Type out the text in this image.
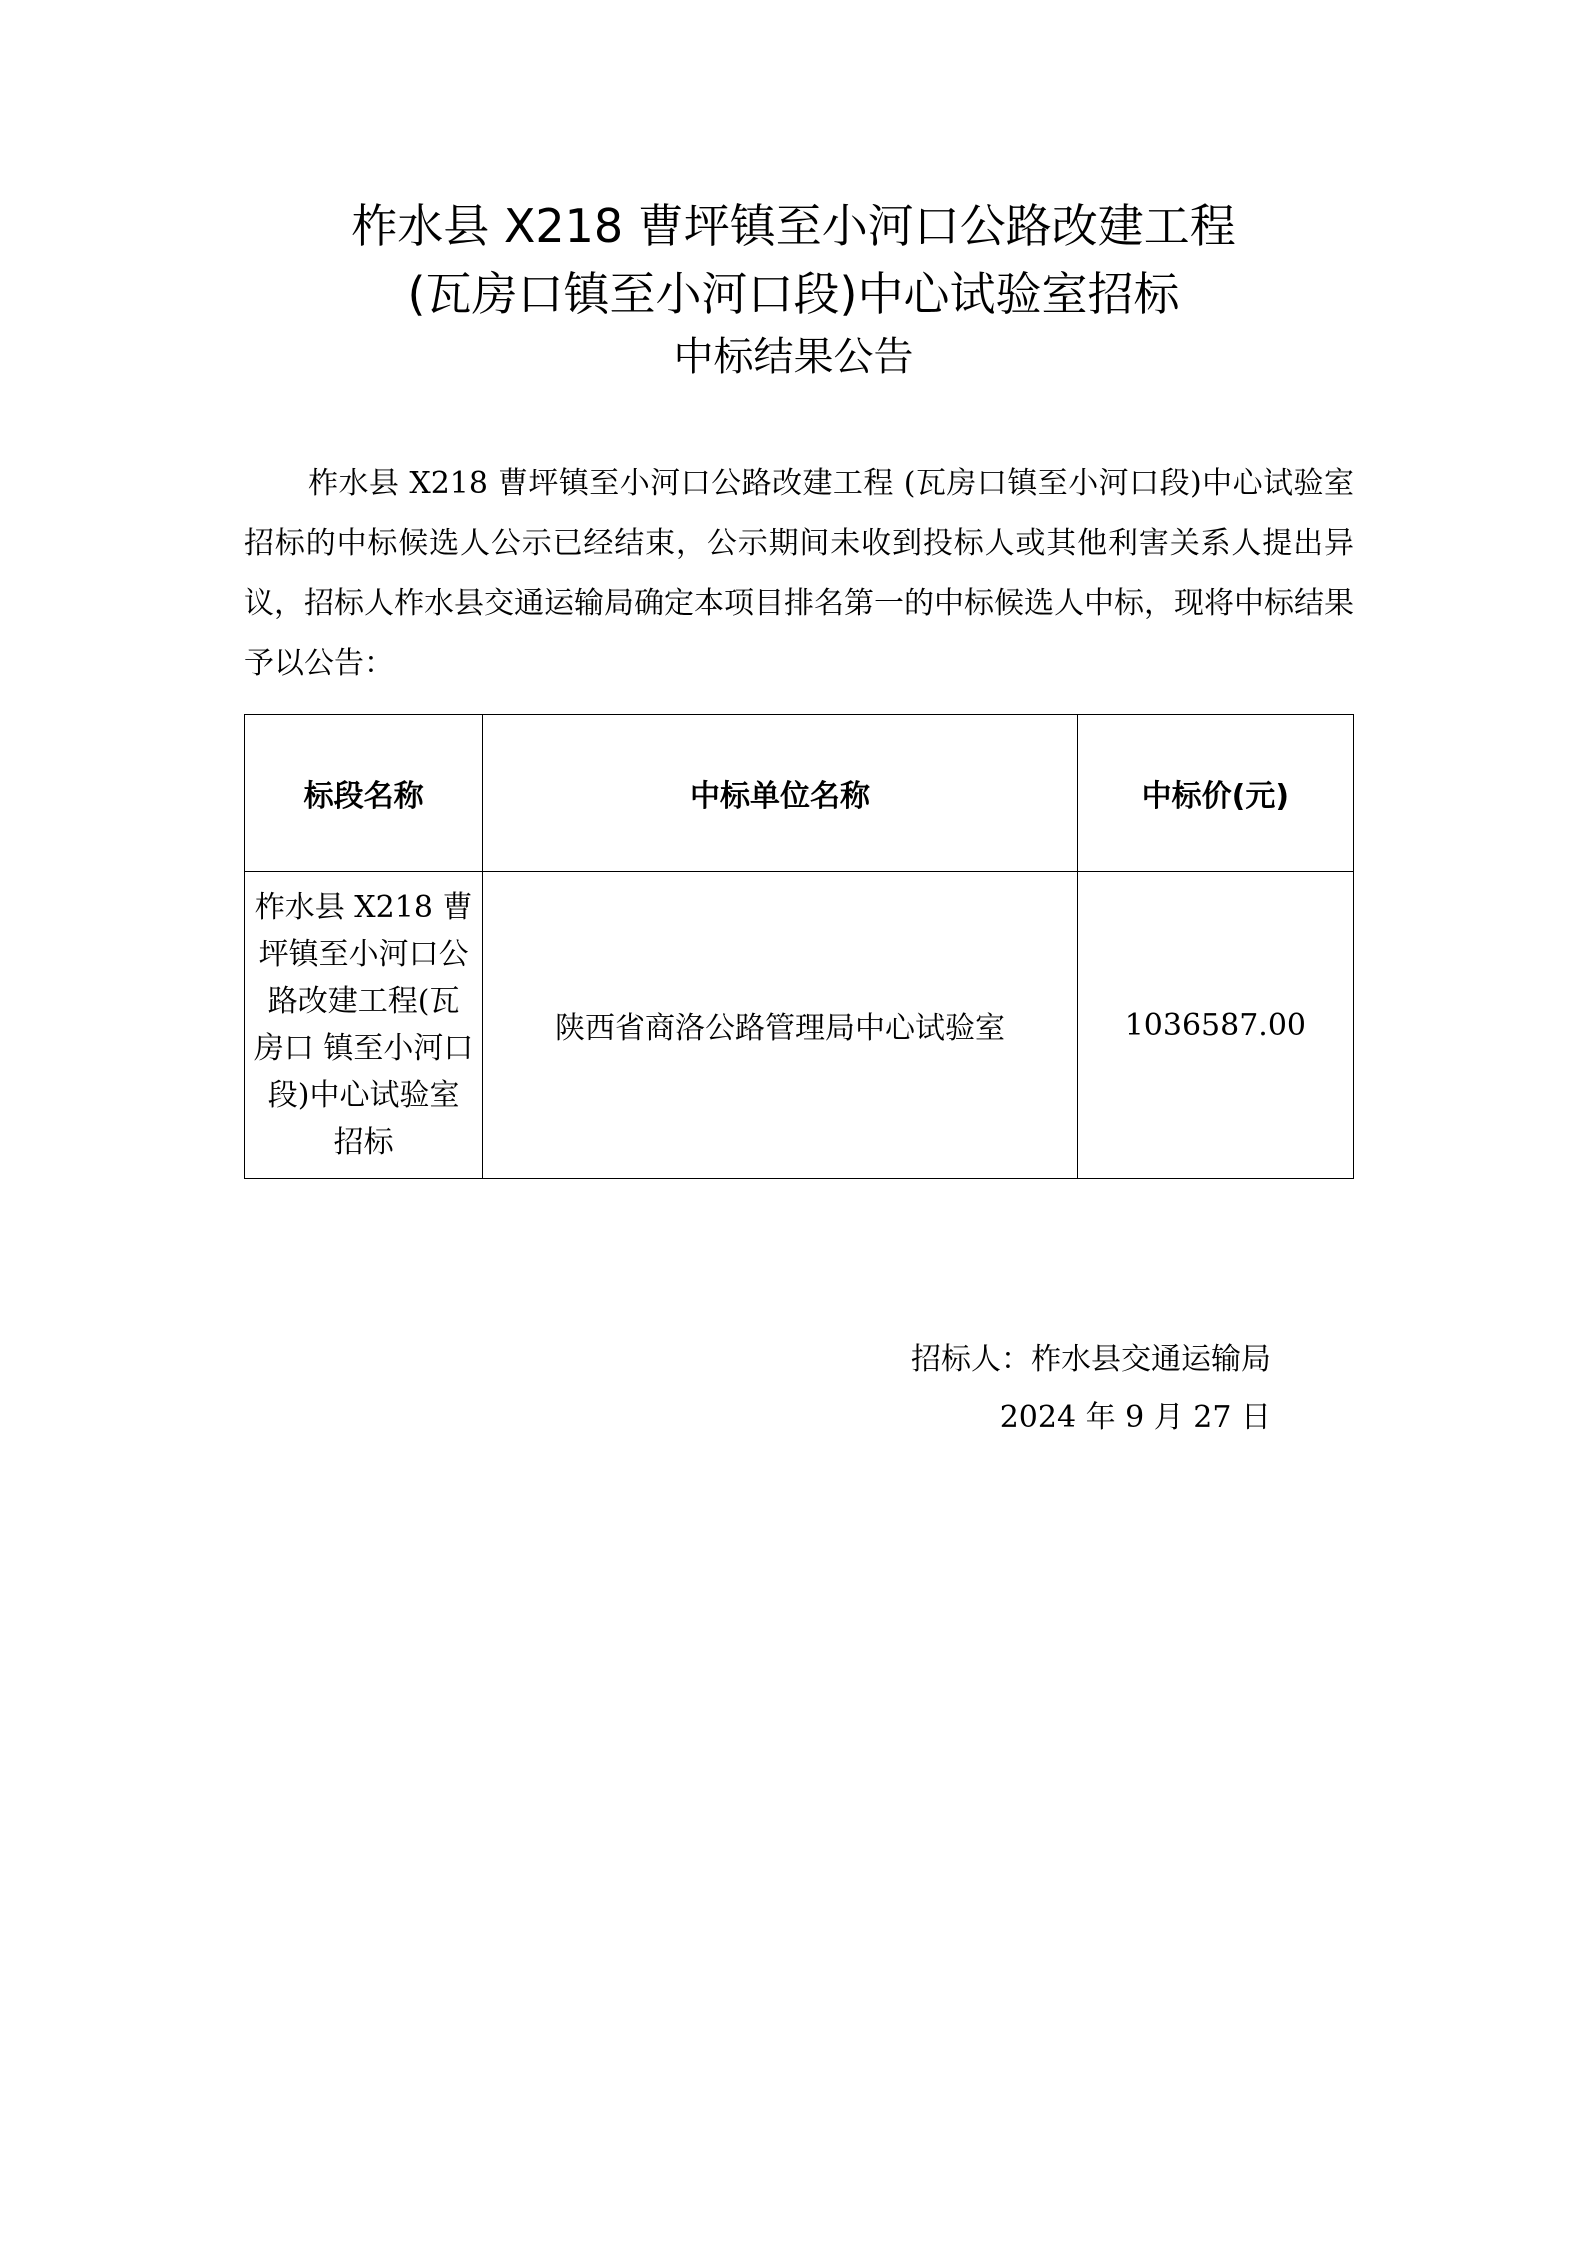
柞水县 X218 曹坪镇至小河口公路改建工程
(瓦房口镇至小河口段)中心试验室招标
中标结果公告
柞水县 X218 曹坪镇至小河口公路改建工程 (瓦房口镇至小河口段)中心试验室招标的中标候选人公示已经结束，公示期间未收到投标人或其他利害关系人提出异议，招标人柞水县交通运输局确定本项目排名第一的中标候选人中标，现将中标结果予以公告：
标段名称	中标单位名称	中标价(元)

柞水县 X218 曹坪镇至小河口公路改建工程(瓦房口 镇至小河口段)中心试验室招标	陕西省商洛公路管理局中心试验室	1036587.00
招标人：柞水县交通运输局
2024 年 9 月 27 日
